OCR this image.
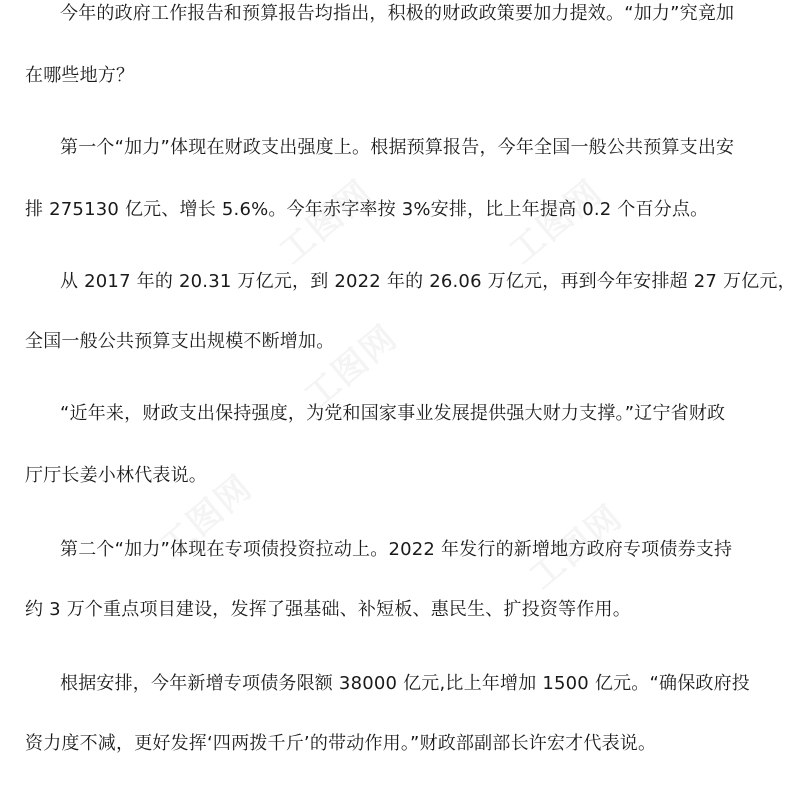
工图网	工图网
工图网
工图网	工图网
今年的政府工作报告和预算报告均指出，积极的财政政策要加力提效。“加力”究竟加
在哪些地方？
第一个“加力”体现在财政支出强度上。根据预算报告，今年全国一般公共预算支出安
排 275130 亿元、增长 5.6%。今年赤字率按 3%安排，比上年提高 0.2 个百分点。
从 2017 年的 20.31 万亿元，到 2022 年的 26.06 万亿元，再到今年安排超 27 万亿元，
全国一般公共预算支出规模不断增加。
“近年来，财政支出保持强度，为党和国家事业发展提供强大财力支撑。”辽宁省财政
厅厅长姜小林代表说。
第二个“加力”体现在专项债投资拉动上。2022 年发行的新增地方政府专项债券支持
约 3 万个重点项目建设，发挥了强基础、补短板、惠民生、扩投资等作用。
根据安排，今年新增专项债务限额 38000 亿元,比上年增加 1500 亿元。“确保政府投
资力度不减，更好发挥‘四两拨千斤’的带动作用。”财政部副部长许宏才代表说。
